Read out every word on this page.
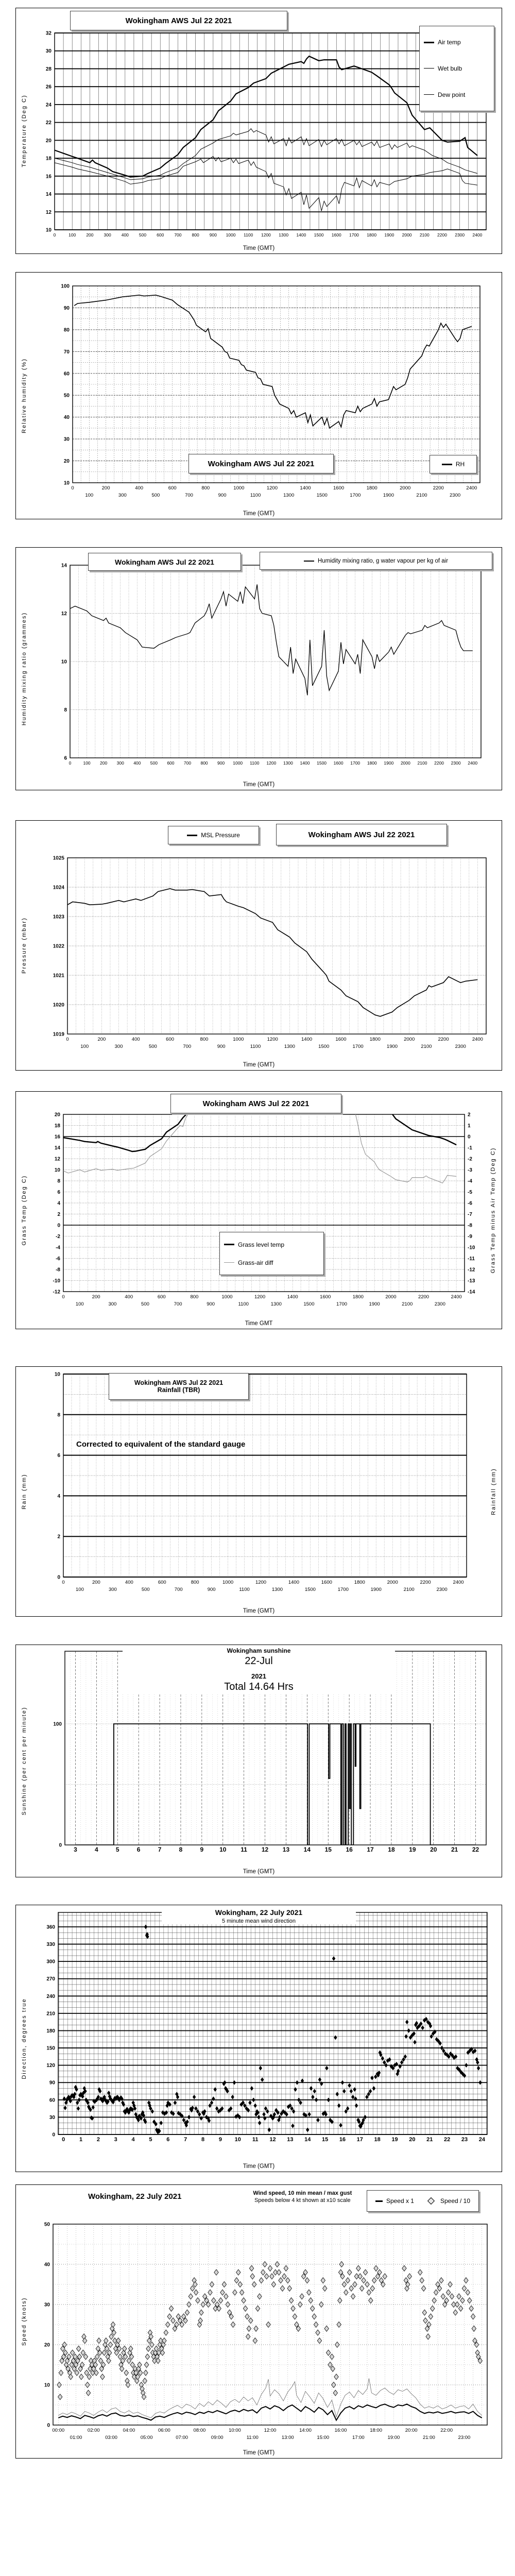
0	100 200 300 400 500 600 700 800 900 1000 1100 1200 1300 1400 1500 1600 1700 1800 1900 2000 2100 2200 2300 2400
10
12
14
16
18
20
22
24
26
28
30
32
Wokingham AWS Jul 22 2021
Air temp
Wet bulb
Dew point
Temperature (Deg C)
Time (GMT)
0
100
200
300
400
500
600
700
800
900
1000
1100
1200
1300
1400
1500
1600
1700
1800
1900
2000
2100
2200
2300
2400
10
20
30
40
50
60
70
80
90
100
Wokingham AWS Jul 22 2021	RH
Relative humidity (%)
Time (GMT)
0	100 200 300 400 500 600 700 800 900 1000 1100 1200 1300 1400 1500 1600 1700 1800 1900 2000 2100 2200 2300 2400
6
8
10
12
14	Wokingham AWS Jul 22 2021	Humidity mixing ratio, g water vapour per kg of air
Humidity mixing ratio (grammes)
Time (GMT)
0
100
200
300
400
500
600
700
800
900
1000
1100
1200
1300
1400
1500
1600
1700
1800
1900
2000
2100
2200
2300
2400
1019
1020
1021
1022
1023
1024
1025
MSL Pressure	Wokingham AWS Jul 22 2021
Pressure (mbar)
Time (GMT)
0
100
200
300
400
500
600
700
800
900
1000
1100
1200
1300
1400
1500
1600
1700
1800
1900
2000
2100
2200
2300
2400
-12
-10
-8
-6
-4
-2
0
2
4
6
8
10
12
14
16
18
20
-14
-13
-12
-11
-10
-9
-8
-7
-6
-5
-4
-3
-2
-1
0
1
2
Wokingham AWS Jul 22 2021
Grass level temp
Grass-air diff
Grass Temp (Deg C)	Grass Temp minus Air Temp (Deg C)
Time GMT
0
100
200
300
400
500
600
700
800
900
1000
1100
1200
1300
1400
1500
1600
1700
1800
1900
2000
2100
2200
2300
2400
0
2
4
6
8
10
Wokingham AWS Jul 22 2021
Rainfall (TBR)
Corrected to equivalent of the standard gauge
Rain (mm)	Rainfall (mm)
Time (GMT)
3	4	5	6	7	8	9	10 11 12 13 14 15 16 17 18 19 20 21 22
0
100
Wokingham sunshine
22-Jul
2021
Total 14.64 Hrs
Sunshine (per cent per minute)
Time (GMT)
0	1	2	3	4	5	6	7	8	9 10 11 12 13 14 15 16 17 18 19 20 21 22 23 24
0
30
60
90
120
150
180
210
240
270
300
330
360
Wokingham, 22 July 2021
5 minute mean wind direction
Direction, degrees true
Time (GMT)
00:00
01:00
02:00
03:00
04:00
05:00
06:00
07:00
08:00
09:00
10:00
11:00
12:00
13:00
14:00
15:00
16:00
17:00
18:00
19:00
20:00
21:00
22:00
23:00
0
10
20
30
40
50
Wokingham, 22 July 2021	Wind speed, 10 min mean / max gust
Speeds below 4 kt shown at x10 scale	Speed x 1	Speed / 10
Speed (knots)
Time (GMT)
